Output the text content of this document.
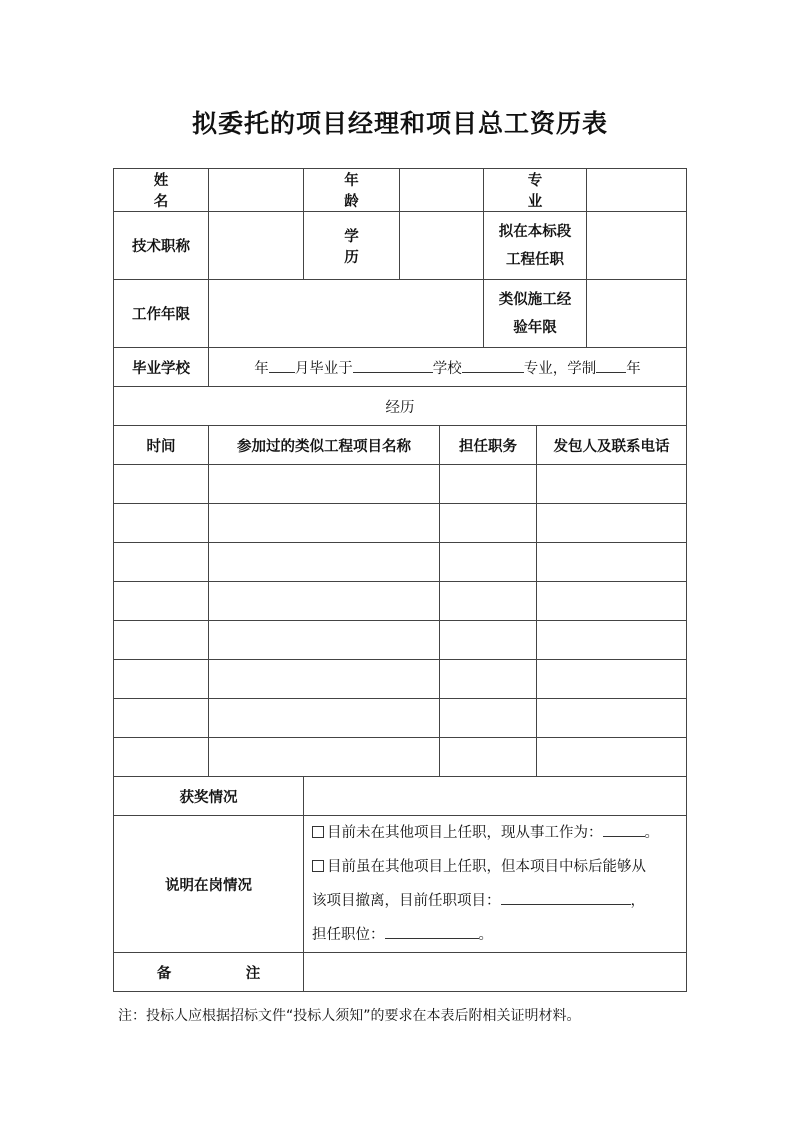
拟委托的项目经理和项目总工资历表
姓　名		年　龄			专　业		
技术职称		学　历			拟在本标段
工程任职		

工作年限					类似施工经
验年限		

毕业学校	年 月毕业于 学校 专业，学制 年						
经历							
时间	参加过的类似工程项目名称			担任职务		发包人及联系电话	

获奖情况							
说明在岗情况		目前未在其他项目上任职，现从事工作为： 。
目前虽在其他项目上任职，但本项目中标后能够从
该项目撤离，目前任职项目： ，
担任职位： 。					

备　注							
注：投标人应根据招标文件“投标人须知”的要求在本表后附相关证明材料。
